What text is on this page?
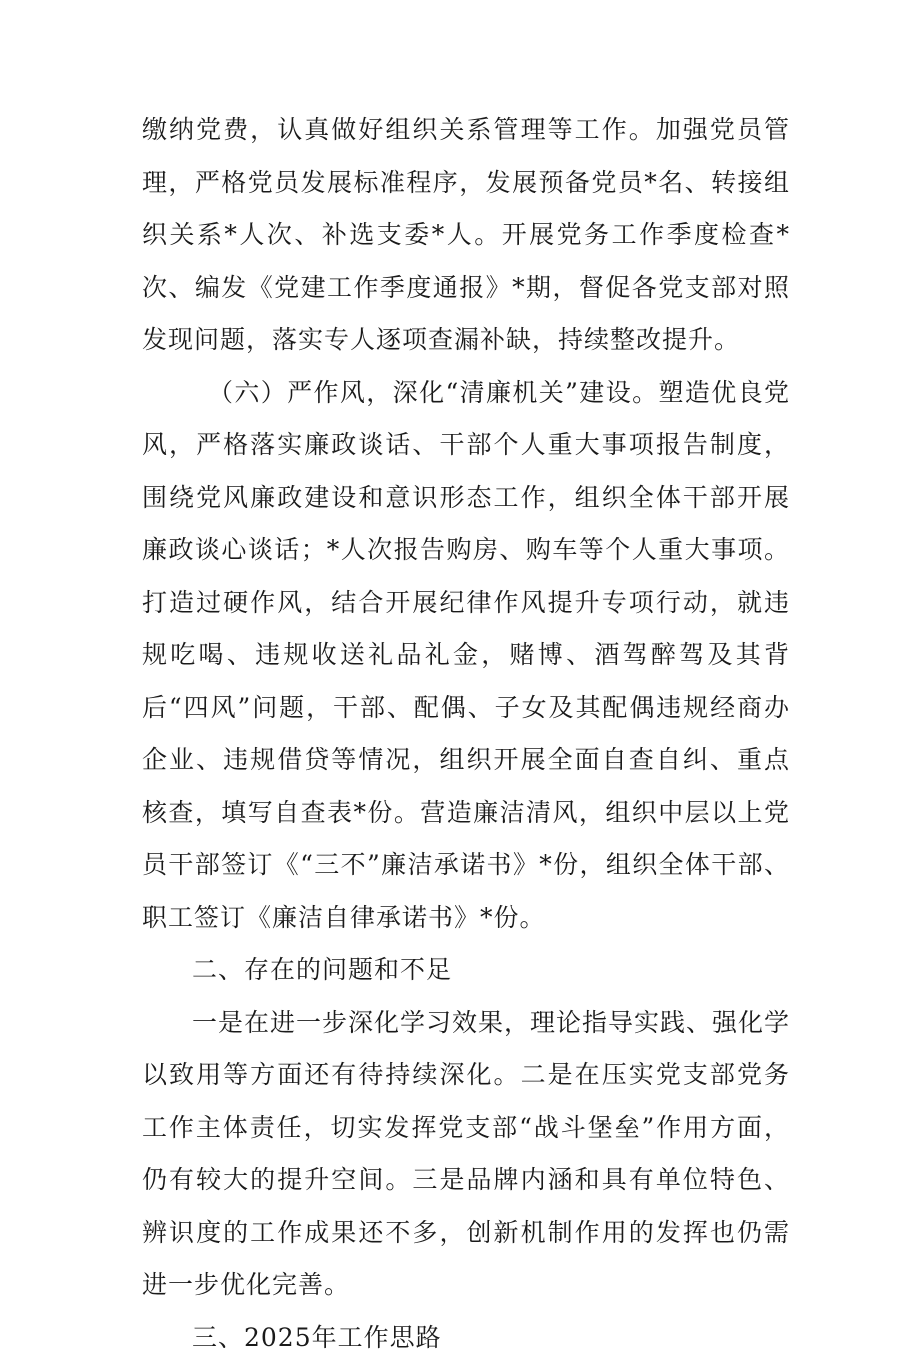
缴纳党费，认真做好组织关系管理等工作。加强党员管理，严格党员发展标准程序，发展预备党员*名、转接组织关系*人次、补选支委*人。开展党务工作季度检查*次、编发《党建工作季度通报》*期，督促各党支部对照发现问题，落实专人逐项查漏补缺，持续整改提升。

（六）严作风，深化“清廉机关”建设。塑造优良党风，严格落实廉政谈话、干部个人重大事项报告制度，围绕党风廉政建设和意识形态工作，组织全体干部开展廉政谈心谈话；*人次报告购房、购车等个人重大事项。打造过硬作风，结合开展纪律作风提升专项行动，就违规吃喝、违规收送礼品礼金，赌博、酒驾醉驾及其背后“四风”问题，干部、配偶、子女及其配偶违规经商办企业、违规借贷等情况，组织开展全面自查自纠、重点核查，填写自查表*份。营造廉洁清风，组织中层以上党员干部签订《“三不”廉洁承诺书》*份，组织全体干部、职工签订《廉洁自律承诺书》*份。

二、存在的问题和不足

一是在进一步深化学习效果，理论指导实践、强化学以致用等方面还有待持续深化。二是在压实党支部党务工作主体责任，切实发挥党支部“战斗堡垒”作用方面，仍有较大的提升空间。三是品牌内涵和具有单位特色、辨识度的工作成果还不多，创新机制作用的发挥也仍需进一步优化完善。

三、2025年工作思路
